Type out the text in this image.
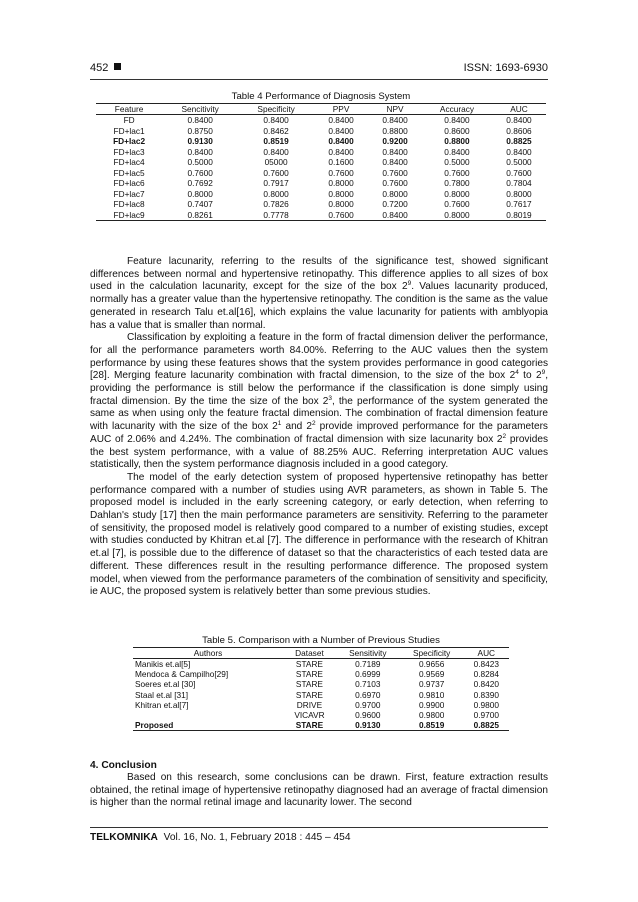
452	ISSN: 1693-6930
Table 4 Performance of Diagnosis System
Feature	Sencitivity	Specificity	PPV	NPV	Accuracy	AUC
FD	0.8400	0.8400	0.8400	0.8400	0.8400	0.8400
FD+lac1	0.8750	0.8462	0.8400	0.8800	0.8600	0.8606
FD+lac2	0.9130	0.8519	0.8400	0.9200	0.8800	0.8825
FD+lac3	0.8400	0.8400	0.8400	0.8400	0.8400	0.8400
FD+lac4	0.5000	05000	0.1600	0.8400	0.5000	0.5000
FD+lac5	0.7600	0.7600	0.7600	0.7600	0.7600	0.7600
FD+lac6	0.7692	0.7917	0.8000	0.7600	0.7800	0.7804
FD+lac7	0.8000	0.8000	0.8000	0.8000	0.8000	0.8000
FD+lac8	0.7407	0.7826	0.8000	0.7200	0.7600	0.7617
FD+lac9	0.8261	0.7778	0.7600	0.8400	0.8000	0.8019

Feature lacunarity, referring to the results of the significance test, showed significant differences between normal and hypertensive retinopathy. This difference applies to all sizes of box used in the calculation lacunarity, except for the size of the box $2^9$. Values lacunarity produced, normally has a greater value than the hypertensive retinopathy. The condition is the same as the value generated in research Talu et.al[16], which explains the value lacunarity for patients with amblyopia has a value that is smaller than normal.

Classification by exploiting a feature in the form of fractal dimension deliver the performance, for all the performance parameters worth 84.00%. Referring to the AUC values then the system performance by using these features shows that the system provides performance in good categories [28]. Merging feature lacunarity combination with fractal dimension, to the size of the box $2^4$ to $2^9$, providing the performance is still below the performance if the classification is done simply using fractal dimension. By the time the size of the box $2^3$, the performance of the system generated the same as when using only the feature fractal dimension. The combination of fractal dimension feature with lacunarity with the size of the box $2^1$ and $2^2$ provide improved performance for the parameters AUC of 2.06% and 4.24%. The combination of fractal dimension with size lacunarity box $2^2$ provides the best system performance, with a value of 88.25% AUC. Referring interpretation AUC values statistically, then the system performance diagnosis included in a good category.

The model of the early detection system of proposed hypertensive retinopathy has better performance compared with a number of studies using AVR parameters, as shown in Table 5. The proposed model is included in the early screening category, or early detection, when referring to Dahlan's study [17] then the main performance parameters are sensitivity. Referring to the parameter of sensitivity, the proposed model is relatively good compared to a number of existing studies, except with studies conducted by Khitran et.al [7]. The difference in performance with the research of Khitran et.al [7], is possible due to the difference of dataset so that the characteristics of each tested data are different. These differences result in the resulting performance difference. The proposed system model, when viewed from the performance parameters of the combination of sensitivity and specificity, ie AUC, the proposed system is relatively better than some previous studies.

Table 5. Comparison with a Number of Previous Studies
Authors	Dataset	Sensitivity	Specificity	AUC
Manikis et.al[5]	STARE	0.7189	0.9656	0.8423
Mendoca & Campilho[29]	STARE	0.6999	0.9569	0.8284
Soeres et.al [30]	STARE	0.7103	0.9737	0.8420
Staal et.al [31]	STARE	0.6970	0.9810	0.8390
Khitran et.al[7]	DRIVE	0.9700	0.9900	0.9800
	VICAVR	0.9600	0.9800	0.9700
Proposed	STARE	0.9130	0.8519	0.8825
4. Conclusion

Based on this research, some conclusions can be drawn. First, feature extraction results obtained, the retinal image of hypertensive retinopathy diagnosed had an average of fractal dimension is higher than the normal retinal image and lacunarity lower. The second

TELKOMNIKA Vol. 16, No. 1, February 2018 : 445 – 454
